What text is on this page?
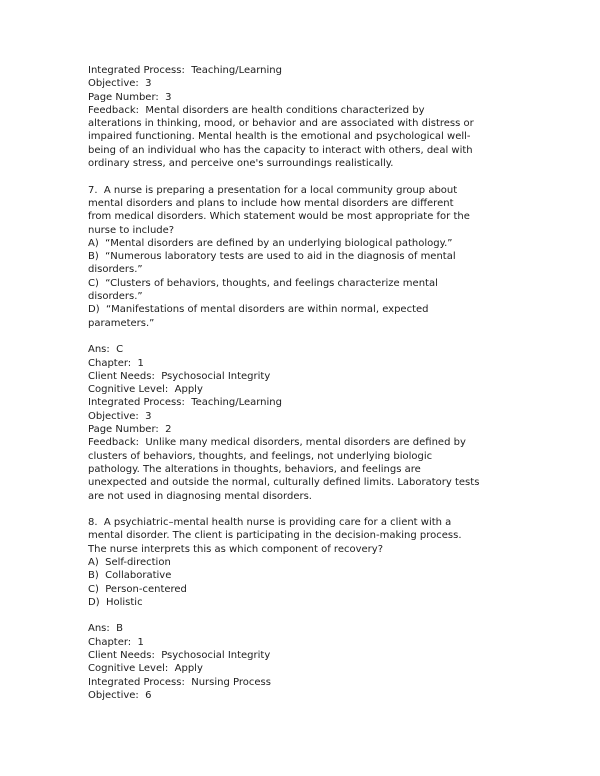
Integrated Process:  Teaching/Learning
Objective:  3
Page Number:  3
Feedback:  Mental disorders are health conditions characterized by
alterations in thinking, mood, or behavior and are associated with distress or
impaired functioning. Mental health is the emotional and psychological well-
being of an individual who has the capacity to interact with others, deal with
ordinary stress, and perceive one's surroundings realistically.
7.  A nurse is preparing a presentation for a local community group about
mental disorders and plans to include how mental disorders are different
from medical disorders. Which statement would be most appropriate for the
nurse to include?
A)  “Mental disorders are defined by an underlying biological pathology.”
B)  “Numerous laboratory tests are used to aid in the diagnosis of mental
disorders.”
C)  “Clusters of behaviors, thoughts, and feelings characterize mental
disorders.”
D)  “Manifestations of mental disorders are within normal, expected
parameters.”
Ans:  C
Chapter:  1
Client Needs:  Psychosocial Integrity
Cognitive Level:  Apply
Integrated Process:  Teaching/Learning
Objective:  3
Page Number:  2
Feedback:  Unlike many medical disorders, mental disorders are defined by
clusters of behaviors, thoughts, and feelings, not underlying biologic
pathology. The alterations in thoughts, behaviors, and feelings are
unexpected and outside the normal, culturally defined limits. Laboratory tests
are not used in diagnosing mental disorders.
8.  A psychiatric–mental health nurse is providing care for a client with a
mental disorder. The client is participating in the decision-making process.
The nurse interprets this as which component of recovery?
A)  Self-direction
B)  Collaborative
C)  Person-centered
D)  Holistic
Ans:  B
Chapter:  1
Client Needs:  Psychosocial Integrity
Cognitive Level:  Apply
Integrated Process:  Nursing Process
Objective:  6
